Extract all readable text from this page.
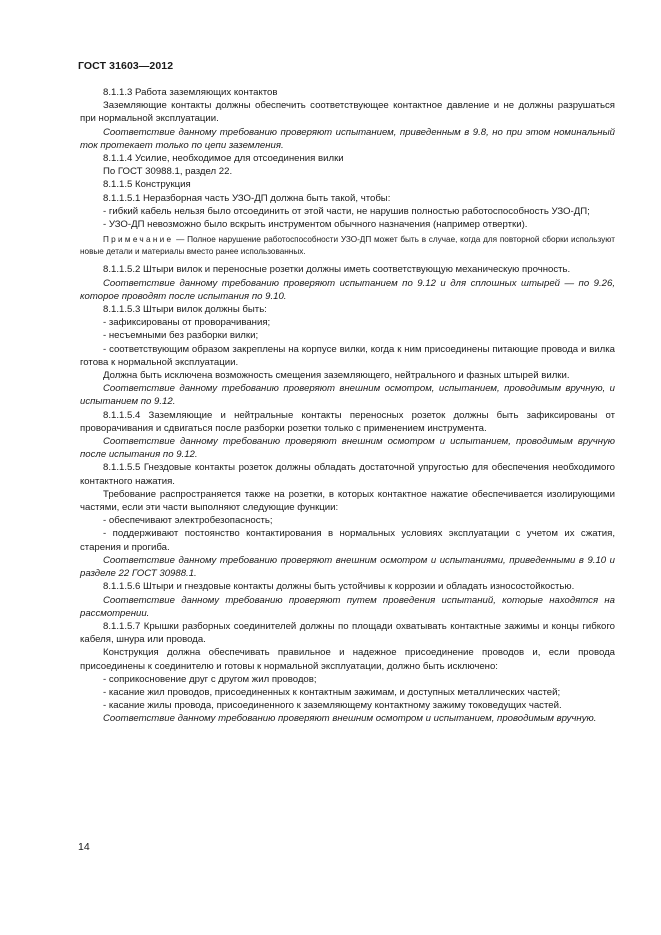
ГОСТ 31603—2012

8.1.1.3 Работа заземляющих контактов

Заземляющие контакты должны обеспечить соответствующее контактное давление и не должны разрушаться при нормальной эксплуатации.

Соответствие данному требованию проверяют испытанием, приведенным в 9.8, но при этом номинальный ток протекает только по цепи заземления.

8.1.1.4 Усилие, необходимое для отсоединения вилки

По ГОСТ 30988.1, раздел 22.

8.1.1.5 Конструкция

8.1.1.5.1 Неразборная часть УЗО-ДП должна быть такой, чтобы:

- гибкий кабель нельзя было отсоединить от этой части, не нарушив полностью работоспособность УЗО-ДП;

- УЗО-ДП невозможно было вскрыть инструментом обычного назначения (например отвертки).

Примечание — Полное нарушение работоспособности УЗО-ДП может быть в случае, когда для повторной сборки используют новые детали и материалы вместо ранее использованных.

8.1.1.5.2 Штыри вилок и переносные розетки должны иметь соответствующую механическую прочность.

Соответствие данному требованию проверяют испытанием по 9.12 и для сплошных штырей — по 9.26, которое проводят после испытания по 9.10.

8.1.1.5.3 Штыри вилок должны быть:

- зафиксированы от проворачивания;

- несъемными без разборки вилки;

- соответствующим образом закреплены на корпусе вилки, когда к ним присоединены питающие провода и вилка готова к нормальной эксплуатации.

Должна быть исключена возможность смещения заземляющего, нейтрального и фазных штырей вилки.

Соответствие данному требованию проверяют внешним осмотром, испытанием, проводимым вручную, и испытанием по 9.12.

8.1.1.5.4 Заземляющие и нейтральные контакты переносных розеток должны быть зафиксированы от проворачивания и сдвигаться после разборки розетки только с применением инструмента.

Соответствие данному требованию проверяют внешним осмотром и испытанием, проводимым вручную после испытания по 9.12.

8.1.1.5.5 Гнездовые контакты розеток должны обладать достаточной упругостью для обеспечения необходимого контактного нажатия.

Требование распространяется также на розетки, в которых контактное нажатие обеспечивается изолирующими частями, если эти части выполняют следующие функции:

- обеспечивают электробезопасность;

- поддерживают постоянство контактирования в нормальных условиях эксплуатации с учетом их сжатия, старения и прогиба.

Соответствие данному требованию проверяют внешним осмотром и испытаниями, приведенными в 9.10 и разделе 22 ГОСТ 30988.1.

8.1.1.5.6 Штыри и гнездовые контакты должны быть устойчивы к коррозии и обладать износостойкостью.

Соответствие данному требованию проверяют путем проведения испытаний, которые находятся на рассмотрении.

8.1.1.5.7 Крышки разборных соединителей должны по площади охватывать контактные зажимы и концы гибкого кабеля, шнура или провода.

Конструкция должна обеспечивать правильное и надежное присоединение проводов и, если провода присоединены к соединителю и готовы к нормальной эксплуатации, должно быть исключено:

- соприкосновение друг с другом жил проводов;

- касание жил проводов, присоединенных к контактным зажимам, и доступных металлических частей;

- касание жилы провода, присоединенного к заземляющему контактному зажиму токоведущих частей.

Соответствие данному требованию проверяют внешним осмотром и испытанием, проводимым вручную.

14
